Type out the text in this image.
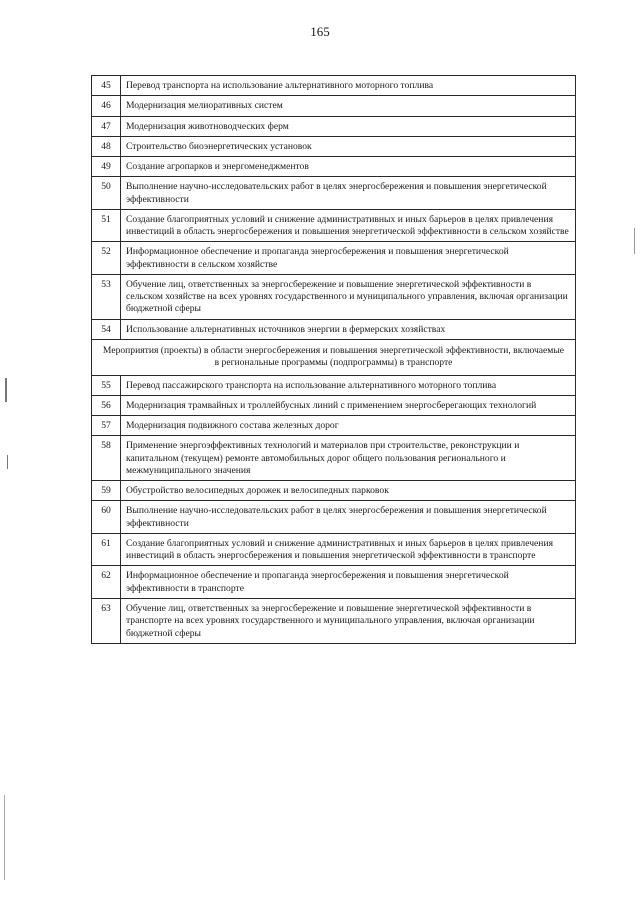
165
45	Перевод транспорта на использование альтернативного моторного топлива
46	Модернизация мелиоративных систем
47	Модернизация животноводческих ферм
48	Строительство биоэнергетических установок
49	Создание агропарков и энергоменеджментов
50	Выполнение научно-исследовательских работ в целях энергосбережения и повышения энергетической эффективности
51	Создание благоприятных условий и снижение административных и иных барьеров в целях привлечения инвестиций в область энергосбережения и повышения энергетической эффективности в сельском хозяйстве
52	Информационное обеспечение и пропаганда энергосбережения и повышения энергетической эффективности в сельском хозяйстве
53	Обучение лиц, ответственных за энергосбережение и повышение энергетической эффективности в сельском хозяйстве на всех уровнях государственного и муниципального управления, включая организации бюджетной сферы
54	Использование альтернативных источников энергии в фермерских хозяйствах
Мероприятия (проекты) в области энергосбережения и повышения энергетической эффективности, включаемые в региональные программы (подпрограммы) в транспорте	
55	Перевод пассажирского транспорта на использование альтернативного моторного топлива
56	Модернизация трамвайных и троллейбусных линий с применением энергосберегающих технологий
57	Модернизация подвижного состава железных дорог
58	Применение энергоэффективных технологий и материалов при строительстве, реконструкции и капитальном (текущем) ремонте автомобильных дорог общего пользования регионального и межмуниципального значения
59	Обустройство велосипедных дорожек и велосипедных парковок
60	Выполнение научно-исследовательских работ в целях энергосбережения и повышения энергетической эффективности
61	Создание благоприятных условий и снижение административных и иных барьеров в целях привлечения инвестиций в область энергосбережения и повышения энергетической эффективности в транспорте
62	Информационное обеспечение и пропаганда энергосбережения и повышения энергетической эффективности в транспорте
63	Обучение лиц, ответственных за энергосбережение и повышение энергетической эффективности в транспорте на всех уровнях государственного и муниципального управления, включая организации бюджетной сферы
